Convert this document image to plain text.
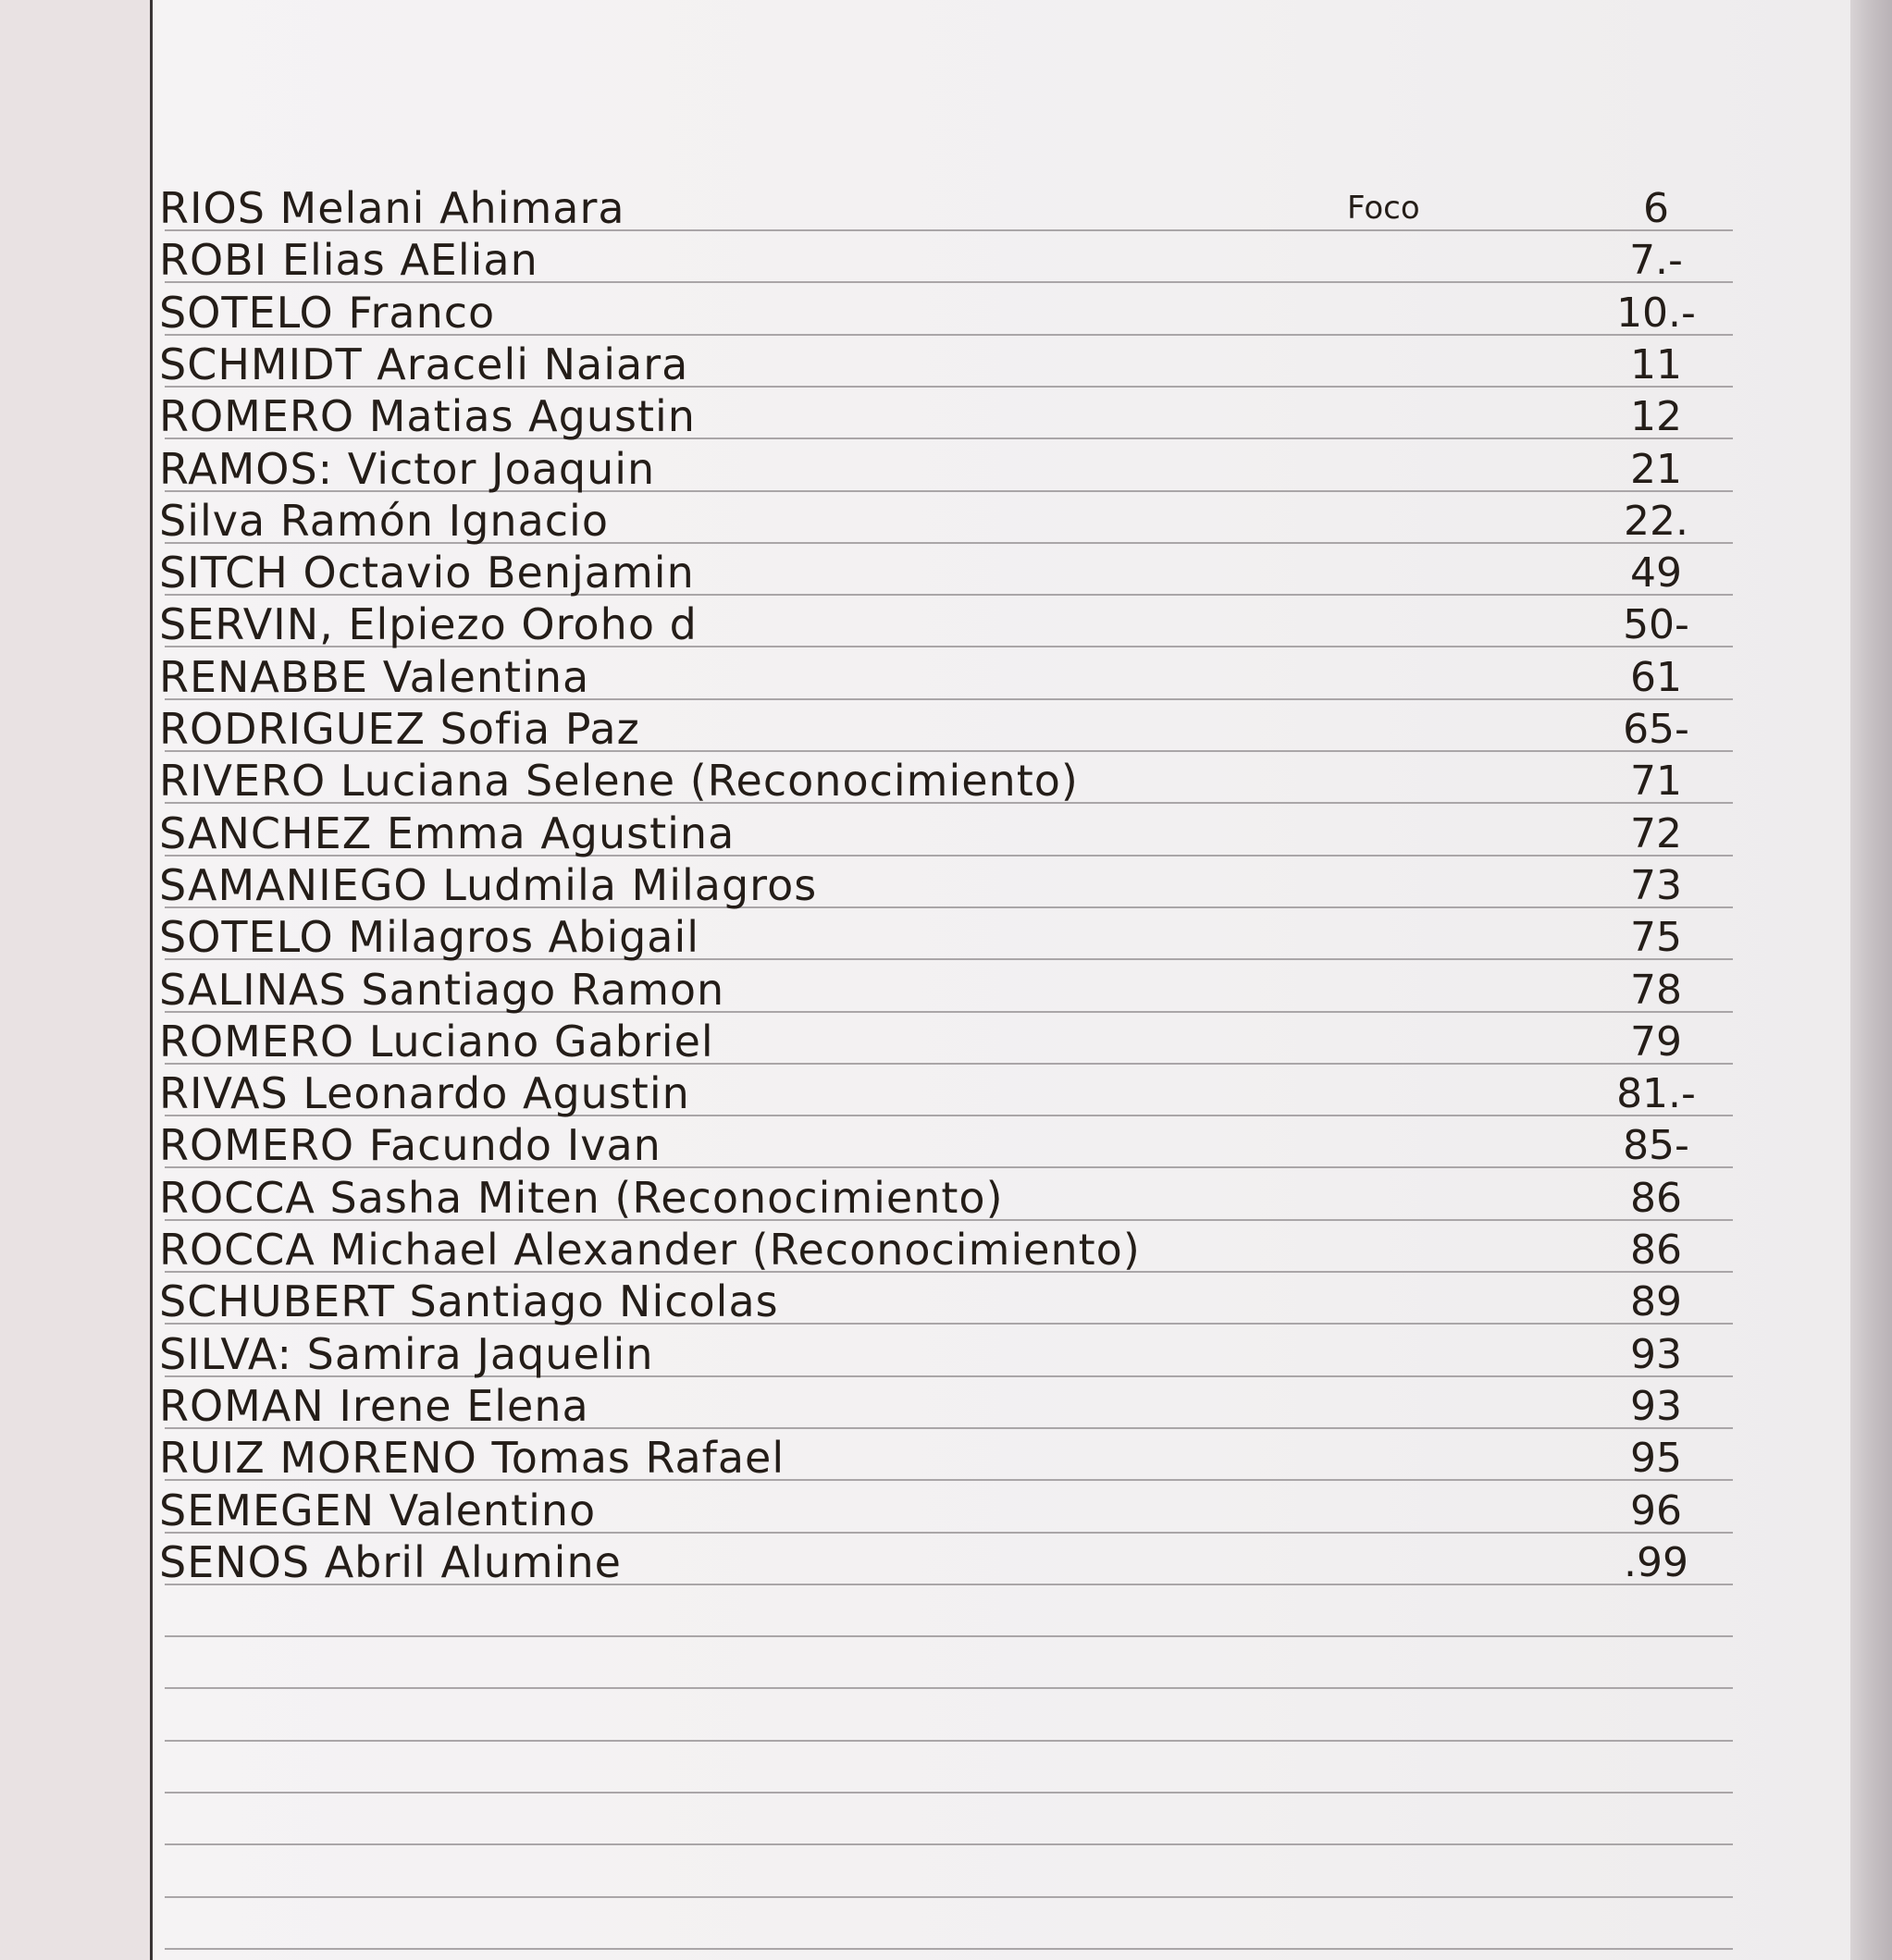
RIOS Melani Ahimara	Foco	6
ROBI Elias AElian	7.-
SOTELO Franco	10.-
SCHMIDT Araceli Naiara	11
ROMERO Matias Agustin	12
RAMOS: Victor Joaquin	21
Silva Ramón Ignacio	22.
SITCH Octavio Benjamin	49
SERVIN, Elpiezo Oroho d	50-
RENABBE Valentina	61
RODRIGUEZ Sofia Paz	65-
RIVERO Luciana Selene (Reconocimiento)	71
SANCHEZ Emma Agustina	72
SAMANIEGO Ludmila Milagros	73
SOTELO Milagros Abigail	75
SALINAS Santiago Ramon	78
ROMERO Luciano Gabriel	79
RIVAS Leonardo Agustin	81.-
ROMERO Facundo Ivan	85-
ROCCA Sasha Miten (Reconocimiento)	86
ROCCA Michael Alexander (Reconocimiento)	86
SCHUBERT Santiago Nicolas	89
SILVA: Samira Jaquelin	93
ROMAN Irene Elena	93
RUIZ MORENO Tomas Rafael	95
SEMEGEN Valentino	96
SENOS Abril Alumine	.99
